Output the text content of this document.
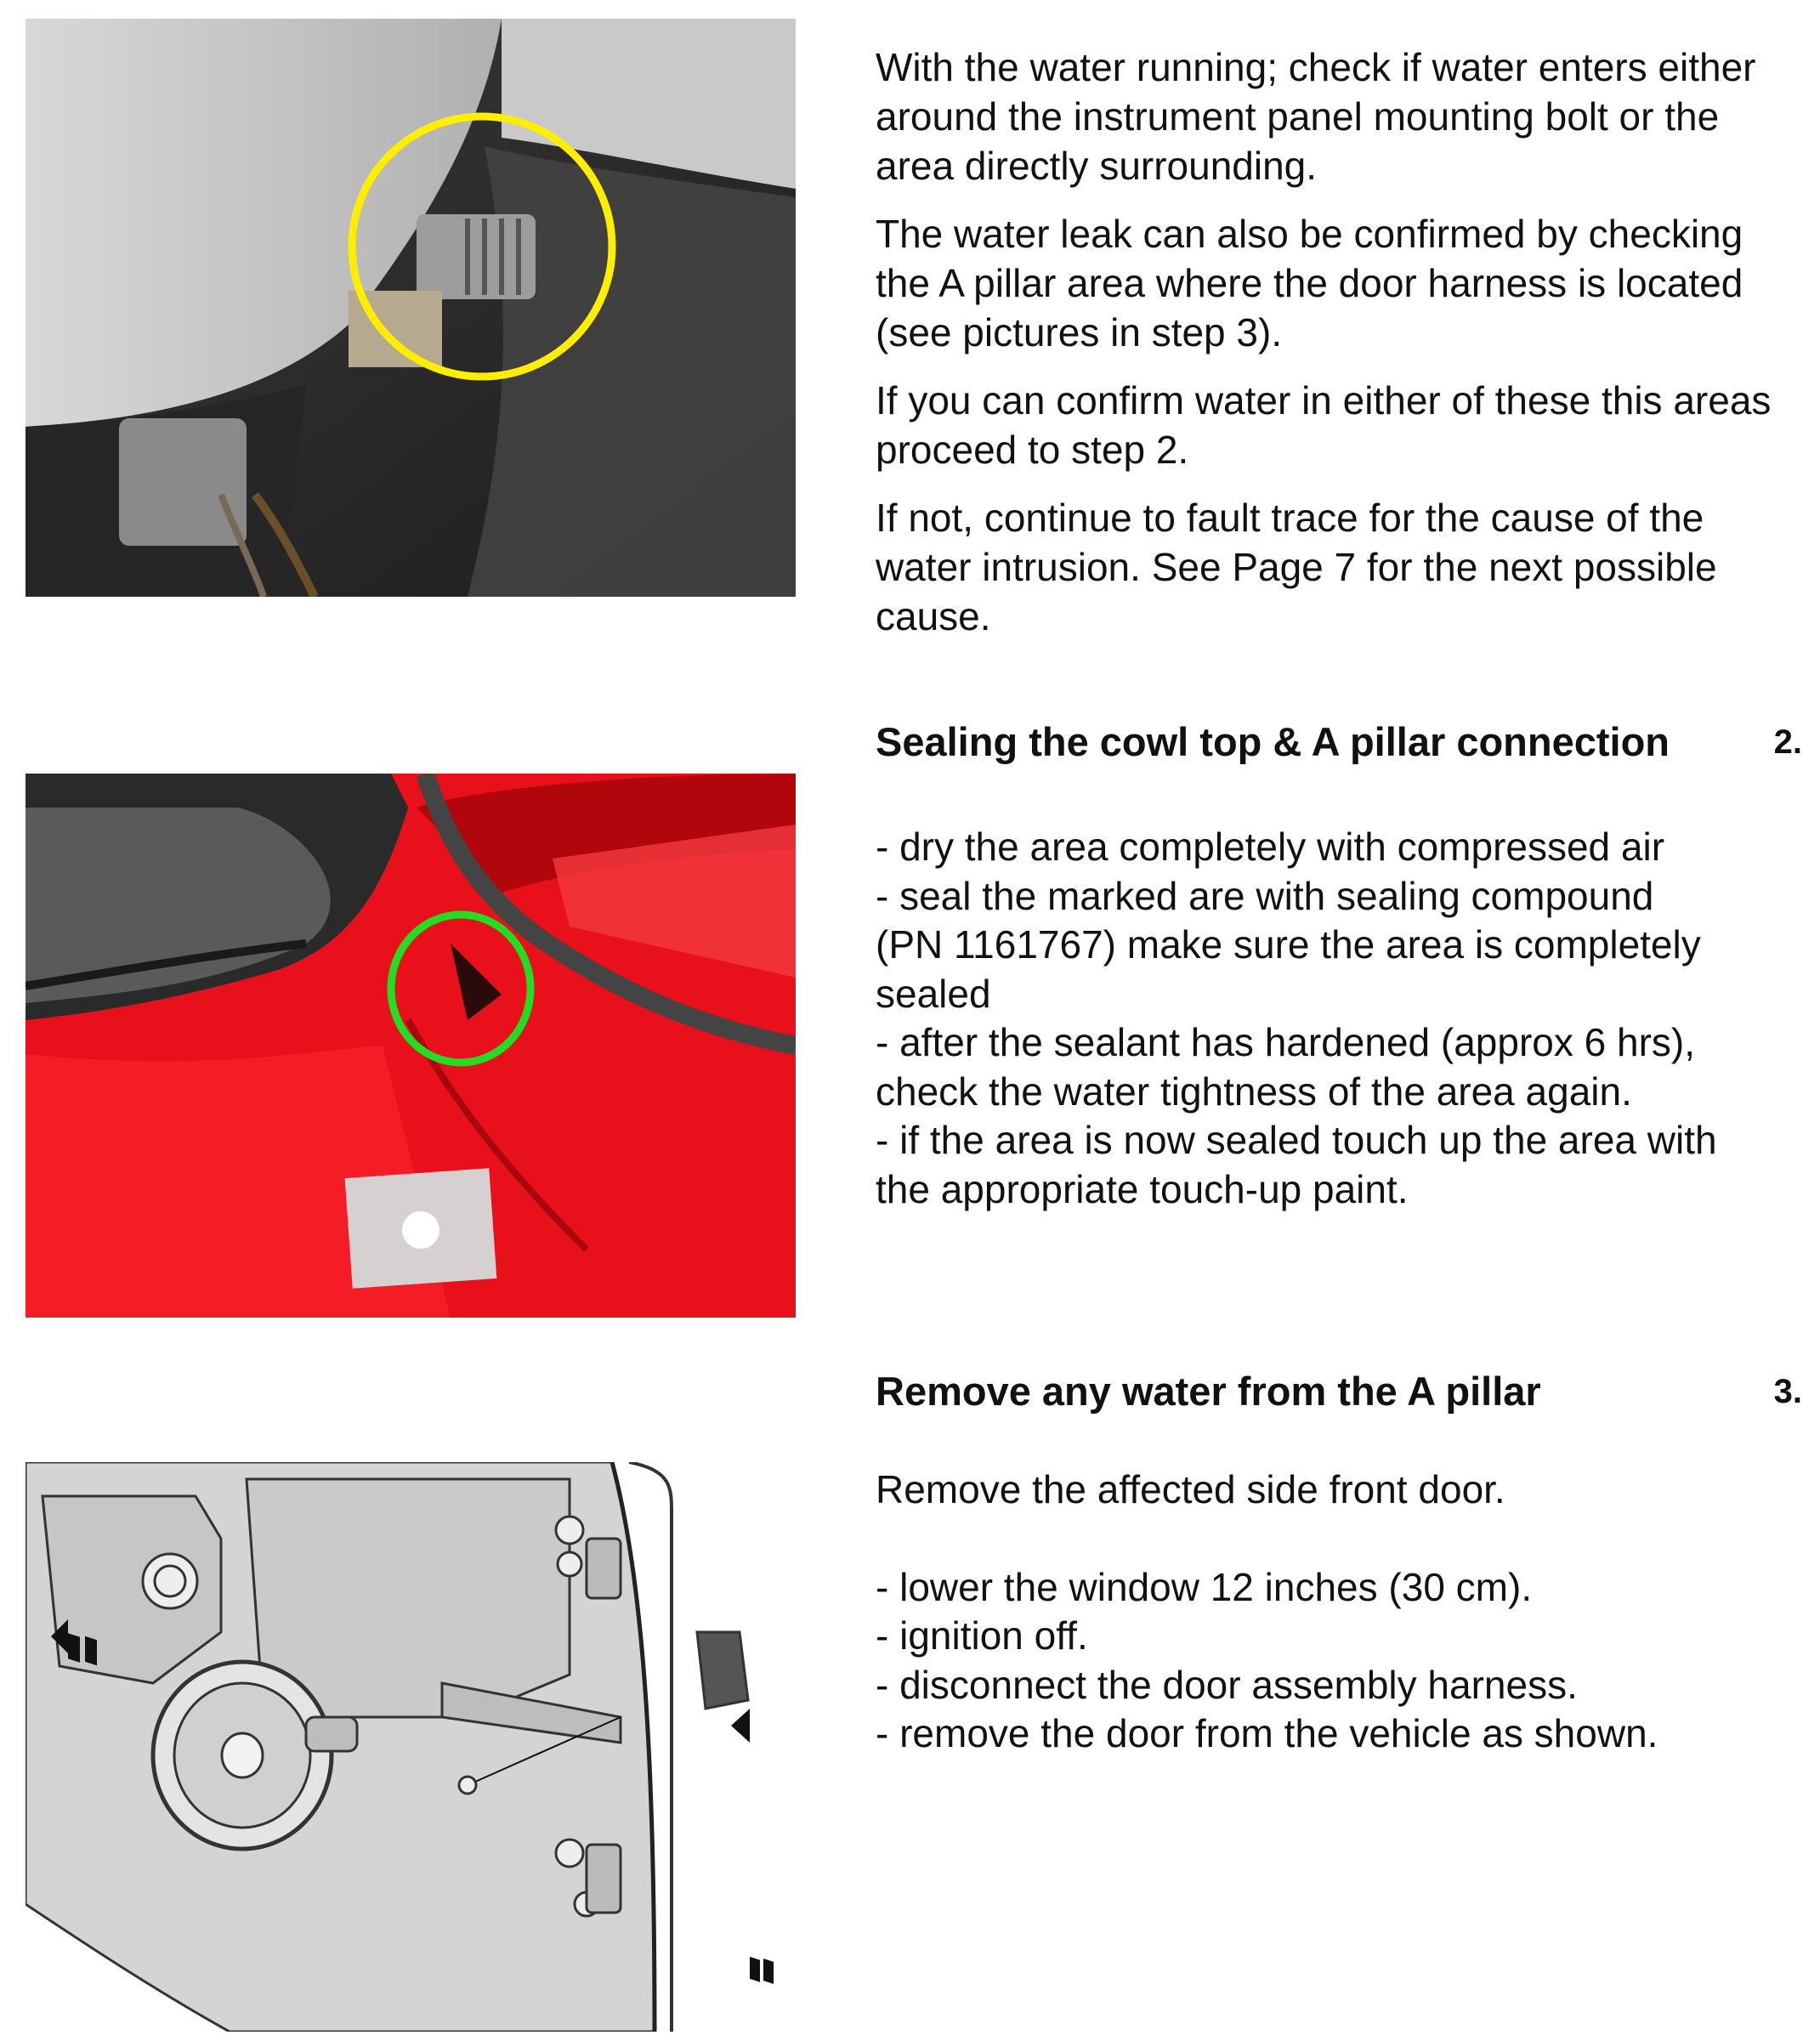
With the water running; check if water enters either around the instrument panel mounting bolt or the area directly surrounding.

The water leak can also be confirmed by checking the A pillar area where the door harness is located (see pictures in step 3).

If you can confirm water in either of these this areas proceed to step 2.

If not, continue to fault trace for the cause of the water intrusion. See Page 7 for the next possible cause.

Sealing the cowl top & A pillar connection	2.
- dry the area completely with compressed air
- seal the marked are with sealing compound
(PN 1161767) make sure the area is completely
sealed
- after the sealant has hardened (approx 6 hrs),
check the water tightness of the area again.
- if the area is now sealed touch up the area with
the appropriate touch-up paint.
Remove any water from the A pillar	3.
Remove the affected side front door.
- lower the window 12 inches (30 cm).
- ignition off.
- disconnect the door assembly harness.
- remove the door from the vehicle as shown.
